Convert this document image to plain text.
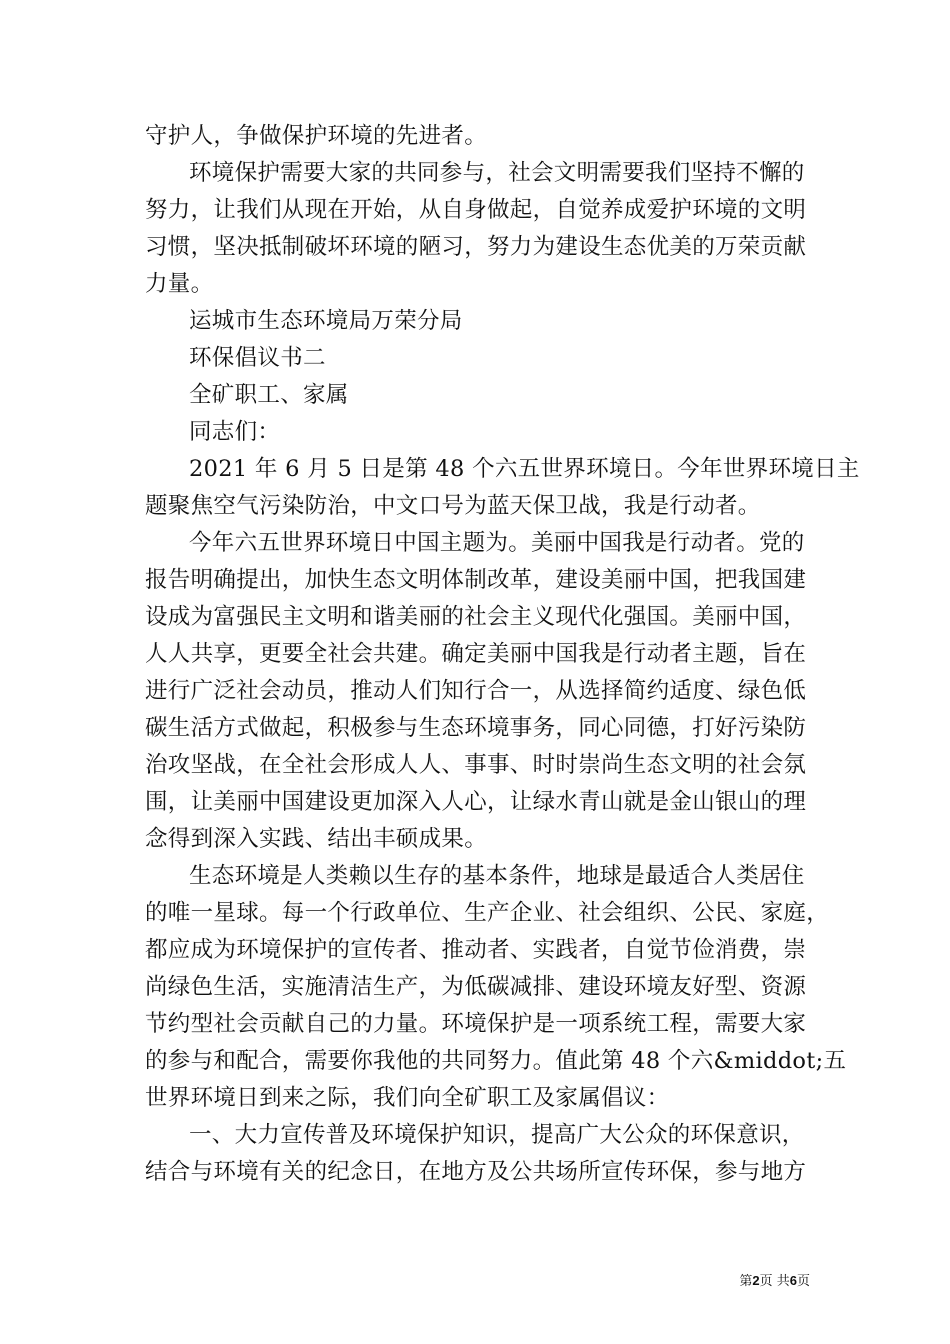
守护人，争做保护环境的先进者。
环境保护需要大家的共同参与，社会文明需要我们坚持不懈的
努力，让我们从现在开始，从自身做起，自觉养成爱护环境的文明
习惯，坚决抵制破坏环境的陋习，努力为建设生态优美的万荣贡献
力量。
运城市生态环境局万荣分局
环保倡议书二
全矿职工、家属
同志们：
2021 年 6 月 5 日是第 48 个六五世界环境日。今年世界环境日主
题聚焦空气污染防治，中文口号为蓝天保卫战，我是行动者。
今年六五世界环境日中国主题为。美丽中国我是行动者。党的
报告明确提出，加快生态文明体制改革，建设美丽中国，把我国建
设成为富强民主文明和谐美丽的社会主义现代化强国。美丽中国，
人人共享，更要全社会共建。确定美丽中国我是行动者主题，旨在
进行广泛社会动员，推动人们知行合一，从选择简约适度、绿色低
碳生活方式做起，积极参与生态环境事务，同心同德，打好污染防
治攻坚战，在全社会形成人人、事事、时时崇尚生态文明的社会氛
围，让美丽中国建设更加深入人心，让绿水青山就是金山银山的理
念得到深入实践、结出丰硕成果。
生态环境是人类赖以生存的基本条件，地球是最适合人类居住
的唯一星球。每一个行政单位、生产企业、社会组织、公民、家庭，
都应成为环境保护的宣传者、推动者、实践者，自觉节俭消费，崇
尚绿色生活，实施清洁生产，为低碳减排、建设环境友好型、资源
节约型社会贡献自己的力量。环境保护是一项系统工程，需要大家
的参与和配合，需要你我他的共同努力。值此第 48 个六&middot;五
世界环境日到来之际，我们向全矿职工及家属倡议：
一、大力宣传普及环境保护知识，提高广大公众的环保意识，
结合与环境有关的纪念日，在地方及公共场所宣传环保，参与地方
第2页 共6页
